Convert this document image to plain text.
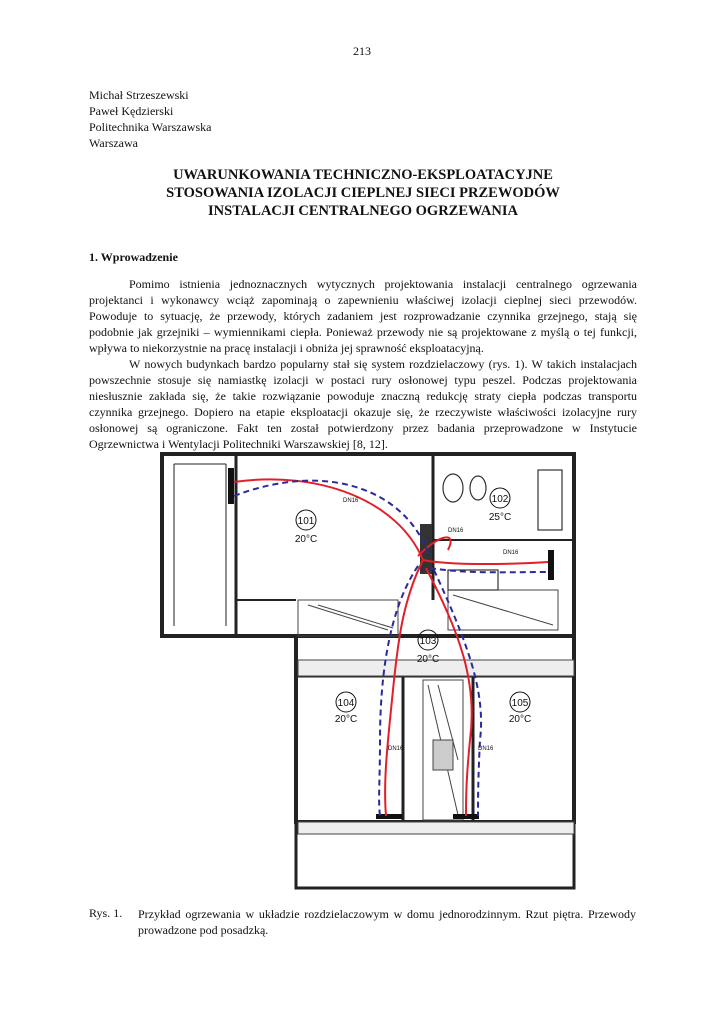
213
Michał Strzeszewski
Paweł Kędzierski
Politechnika Warszawska
Warszawa
UWARUNKOWANIA TECHNICZNO-EKSPLOATACYJNE
STOSOWANIA IZOLACJI CIEPLNEJ SIECI PRZEWODÓW
INSTALACJI CENTRALNEGO OGRZEWANIA
1. Wprowadzenie

Pomimo istnienia jednoznacznych wytycznych projektowania instalacji centralnego ogrzewania projektanci i wykonawcy wciąż zapominają o zapewnieniu właściwej izolacji cieplnej sieci przewodów. Powoduje to sytuację, że przewody, których zadaniem jest rozprowadzanie czynnika grzejnego, stają się podobnie jak grzejniki – wymiennikami ciepła. Ponieważ przewody nie są projektowane z myślą o tej funkcji, wpływa to niekorzystnie na pracę instalacji i obniża jej sprawność eksploatacyjną.

W nowych budynkach bardzo popularny stał się system rozdzielaczowy (rys. 1). W takich instalacjach powszechnie stosuje się namiastkę izolacji w postaci rury osłonowej typu peszel. Podczas projektowania niesłusznie zakłada się, że takie rozwiązanie powoduje znaczną redukcję straty ciepła podczas transportu czynnika grzejnego. Dopiero na etapie eksploatacji okazuje się, że rzeczywiste właściwości izolacyjne rury osłonowej są ograniczone. Fakt ten został potwierdzony przez badania przeprowadzone w Instytucie Ogrzewnictwa i Wentylacji Politechniki Warszawskiej [8, 12].

101
20°C
102
25°C
103
20°C
104
20°C
105
20°C
DN16
DN16
DN16
DN16	DN16
Rys. 1. Przykład ogrzewania w układzie rozdzielaczowym w domu jednorodzinnym. Rzut piętra. Przewody prowadzone pod posadzką.
